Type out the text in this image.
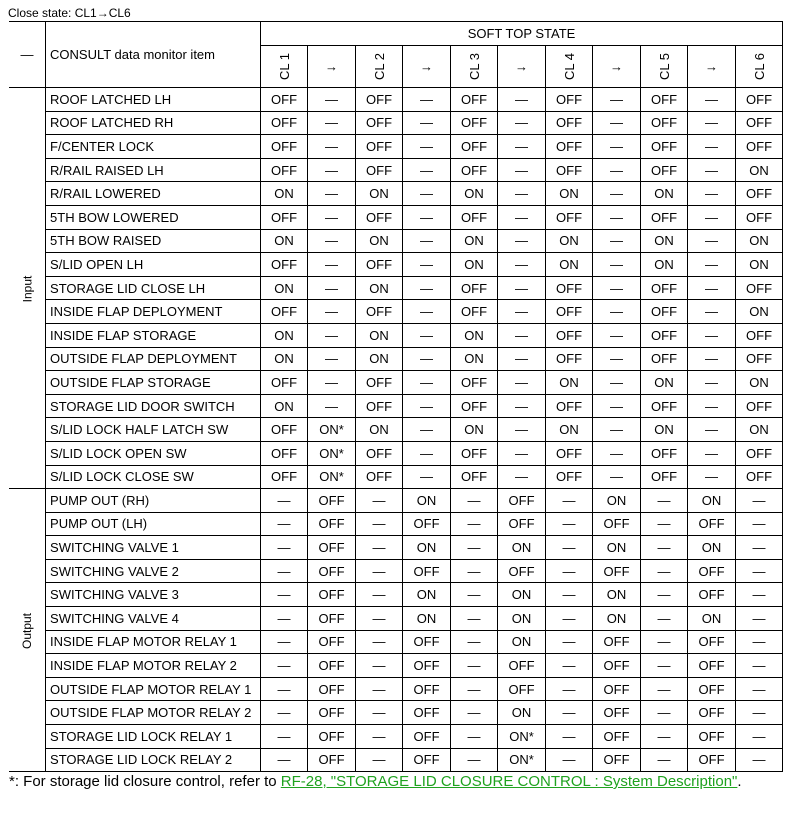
Close state: CL1→CL6
—	CONSULT data monitor item	SOFT TOP STATE										
		CL 1	→	CL 2	→	CL 3	→	CL 4	→	CL 5	→	CL 6
Input	ROOF LATCHED LH	OFF	—	OFF	—	OFF	—	OFF	—	OFF	—	OFF
	ROOF LATCHED RH	OFF	—	OFF	—	OFF	—	OFF	—	OFF	—	OFF
	F/CENTER LOCK	OFF	—	OFF	—	OFF	—	OFF	—	OFF	—	OFF
	R/RAIL RAISED LH	OFF	—	OFF	—	OFF	—	OFF	—	OFF	—	ON
	R/RAIL LOWERED	ON	—	ON	—	ON	—	ON	—	ON	—	OFF
	5TH BOW LOWERED	OFF	—	OFF	—	OFF	—	OFF	—	OFF	—	OFF
	5TH BOW RAISED	ON	—	ON	—	ON	—	ON	—	ON	—	ON
	S/LID OPEN LH	OFF	—	OFF	—	ON	—	ON	—	ON	—	ON
	STORAGE LID CLOSE LH	ON	—	ON	—	OFF	—	OFF	—	OFF	—	OFF
	INSIDE FLAP DEPLOYMENT	OFF	—	OFF	—	OFF	—	OFF	—	OFF	—	ON
	INSIDE FLAP STORAGE	ON	—	ON	—	ON	—	OFF	—	OFF	—	OFF
	OUTSIDE FLAP DEPLOYMENT	ON	—	ON	—	ON	—	OFF	—	OFF	—	OFF
	OUTSIDE FLAP STORAGE	OFF	—	OFF	—	OFF	—	ON	—	ON	—	ON
	STORAGE LID DOOR SWITCH	ON	—	OFF	—	OFF	—	OFF	—	OFF	—	OFF
	S/LID LOCK HALF LATCH SW	OFF	ON*	ON	—	ON	—	ON	—	ON	—	ON
	S/LID LOCK OPEN SW	OFF	ON*	OFF	—	OFF	—	OFF	—	OFF	—	OFF
	S/LID LOCK CLOSE SW	OFF	ON*	OFF	—	OFF	—	OFF	—	OFF	—	OFF
Output	PUMP OUT (RH)	—	OFF	—	ON	—	OFF	—	ON	—	ON	—
	PUMP OUT (LH)	—	OFF	—	OFF	—	OFF	—	OFF	—	OFF	—
	SWITCHING VALVE 1	—	OFF	—	ON	—	ON	—	ON	—	ON	—
	SWITCHING VALVE 2	—	OFF	—	OFF	—	OFF	—	OFF	—	OFF	—
	SWITCHING VALVE 3	—	OFF	—	ON	—	ON	—	ON	—	OFF	—
	SWITCHING VALVE 4	—	OFF	—	ON	—	ON	—	ON	—	ON	—
	INSIDE FLAP MOTOR RELAY 1	—	OFF	—	OFF	—	ON	—	OFF	—	OFF	—
	INSIDE FLAP MOTOR RELAY 2	—	OFF	—	OFF	—	OFF	—	OFF	—	OFF	—
	OUTSIDE FLAP MOTOR RELAY 1	—	OFF	—	OFF	—	OFF	—	OFF	—	OFF	—
	OUTSIDE FLAP MOTOR RELAY 2	—	OFF	—	OFF	—	ON	—	OFF	—	OFF	—
	STORAGE LID LOCK RELAY 1	—	OFF	—	OFF	—	ON*	—	OFF	—	OFF	—
	STORAGE LID LOCK RELAY 2	—	OFF	—	OFF	—	ON*	—	OFF	—	OFF	—
*: For storage lid closure control, refer to RF-28, "STORAGE LID CLOSURE CONTROL : System Description".
